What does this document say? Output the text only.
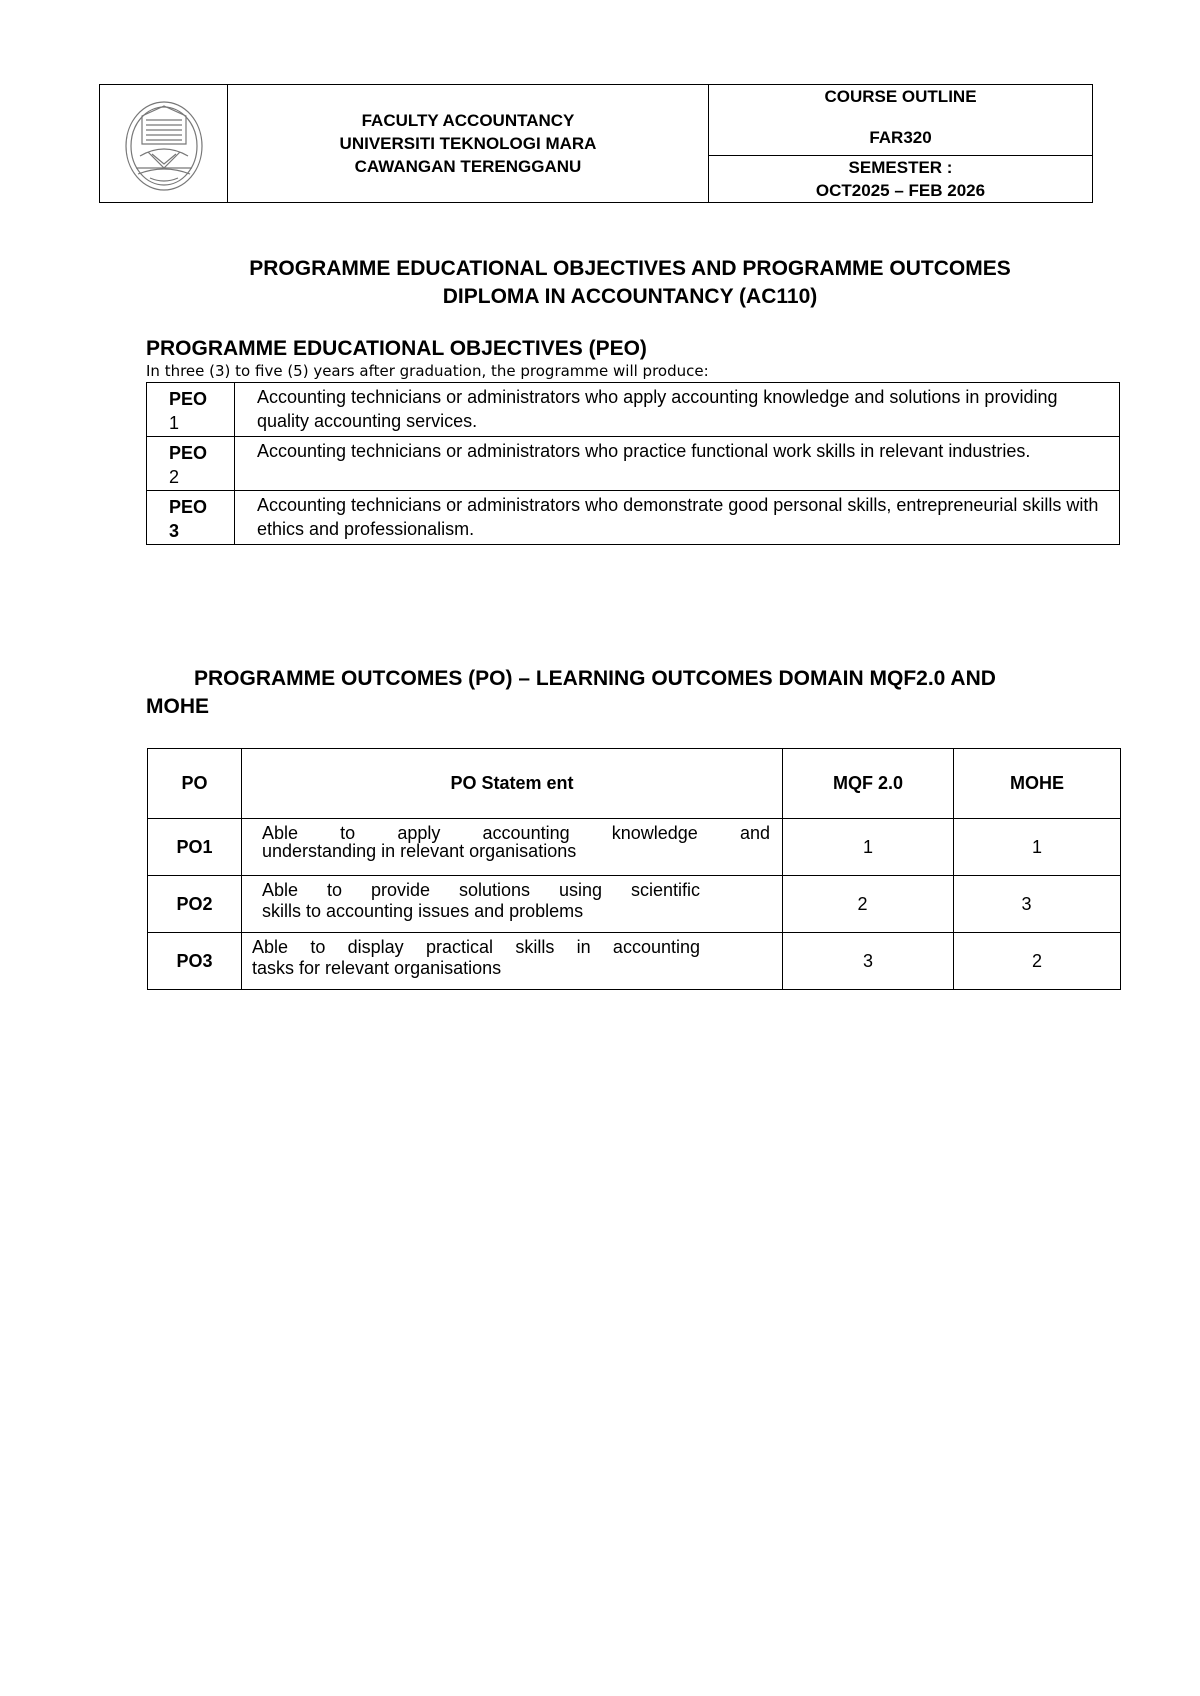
FACULTY ACCOUNTANCY
UNIVERSITI TEKNOLOGI MARA
CAWANGAN TERENGGANU

COURSE OUTLINE
FAR320

SEMESTER :
OCT2025 – FEB 2026
PROGRAMME EDUCATIONAL OBJECTIVES AND PROGRAMME OUTCOMES
DIPLOMA IN ACCOUNTANCY (AC110)
PROGRAMME EDUCATIONAL OBJECTIVES (PEO)
In three (3) to five (5) years after graduation, the programme will produce:
PEO
1	Accounting technicians or administrators who apply accounting knowledge and solutions in providing quality accounting services.

PEO
2	Accounting technicians or administrators who practice functional work skills in relevant industries.

PEO
3	Accounting technicians or administrators who demonstrate good personal skills, entrepreneurial skills with ethics and professionalism.
PROGRAMME OUTCOMES (PO) – LEARNING OUTCOMES DOMAIN MQF2.0 AND
MOHE
PO	PO Statem ent	MQF 2.0	MOHE
PO1	Able to apply accounting knowledge and
understanding in relevant organisations	1	1
PO2	Able to provide solutions using scientific
skills to accounting issues and problems	2	3
PO3	Able to display practical skills in accounting
tasks for relevant organisations	3	2
